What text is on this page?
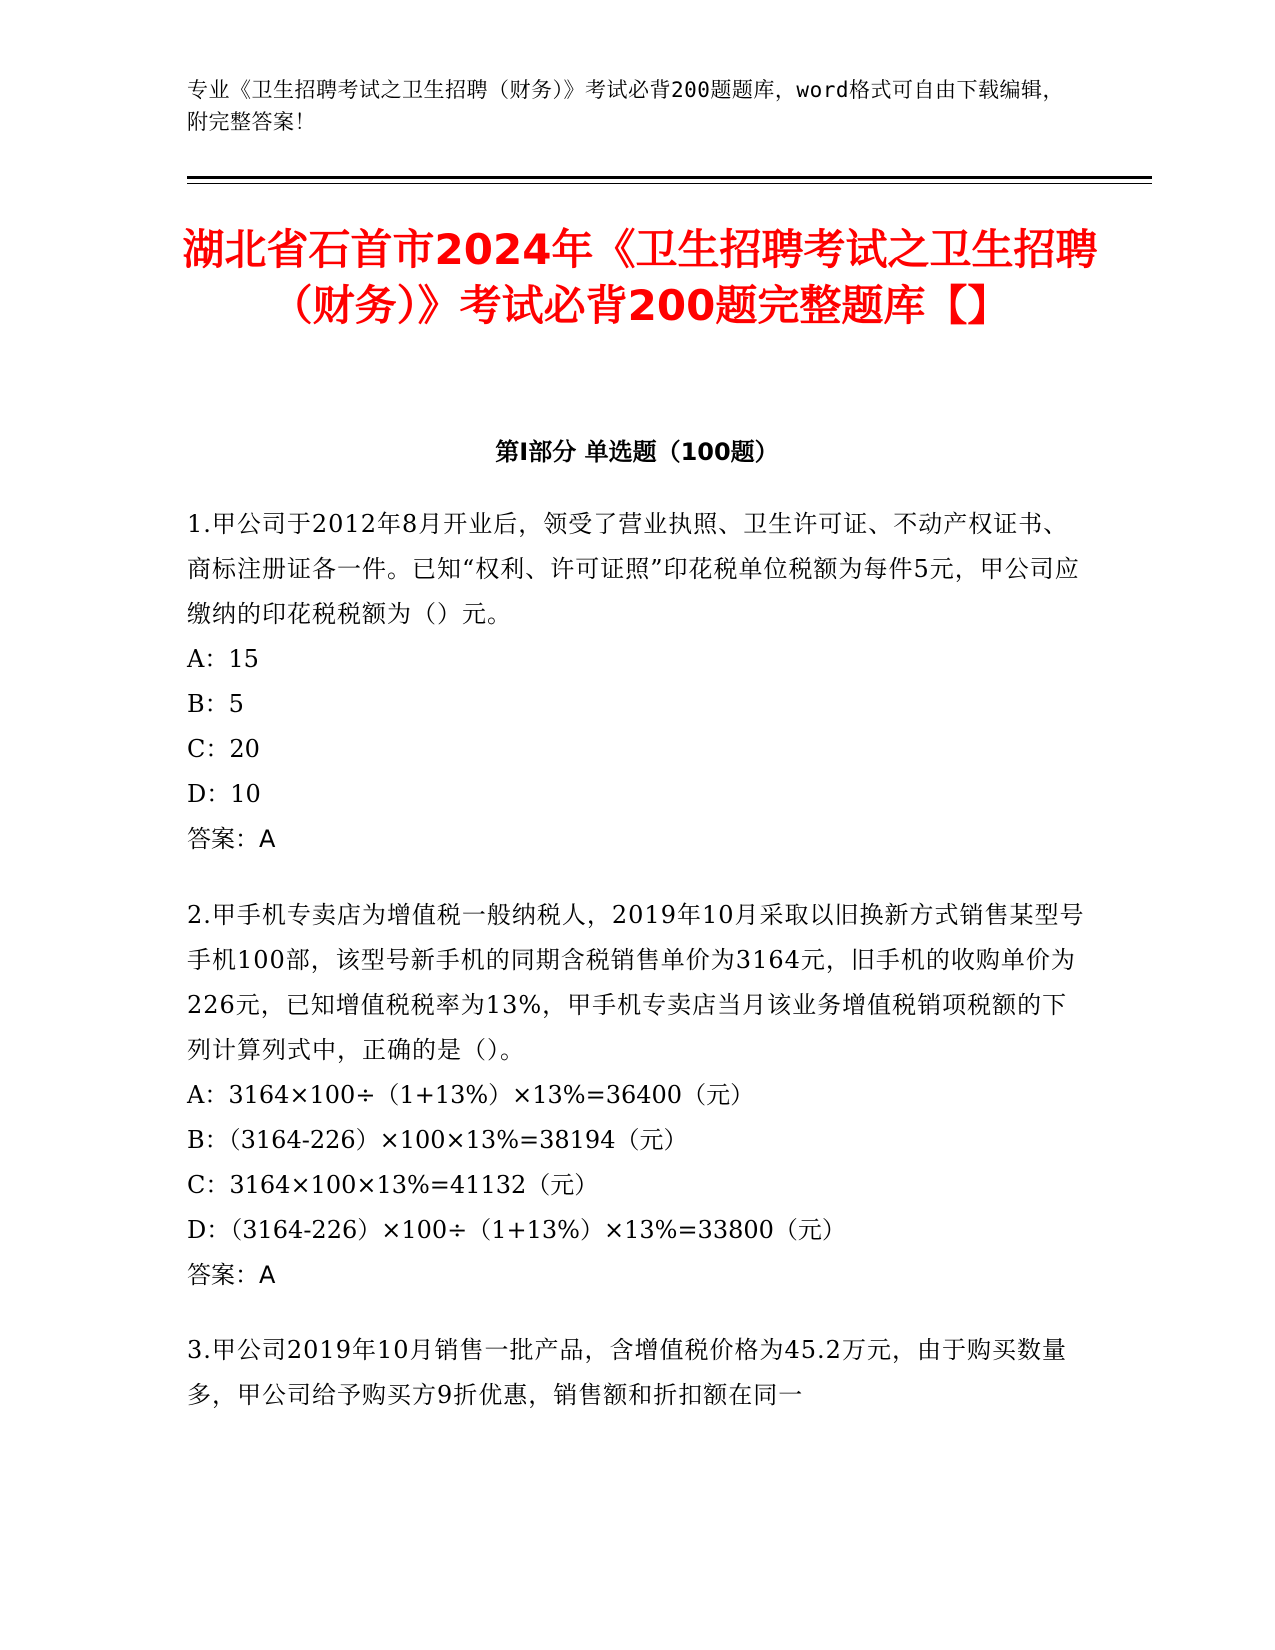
专业《卫生招聘考试之卫生招聘（财务）》考试必背200题题库，word格式可自由下载编辑，附完整答案！
湖北省石首市2024年《卫生招聘考试之卫生招聘（财务）》考试必背200题完整题库【】
第I部分 单选题（100题）

1.甲公司于2012年8月开业后，领受了营业执照、卫生许可证、不动产权证书、商标注册证各一件。已知“权利、许可证照”印花税单位税额为每件5元，甲公司应缴纳的印花税税额为（）元。

A：15

B：5

C：20

D：10

答案：A

2.甲手机专卖店为增值税一般纳税人，2019年10月采取以旧换新方式销售某型号手机100部，该型号新手机的同期含税销售单价为3164元，旧手机的收购单价为226元，已知增值税税率为13%，甲手机专卖店当月该业务增值税销项税额的下列计算列式中，正确的是（）。

A：3164×100÷（1+13%）×13%=36400（元）

B：（3164-226）×100×13%=38194（元）

C：3164×100×13%=41132（元）

D：（3164-226）×100÷（1+13%）×13%=33800（元）

答案：A

3.甲公司2019年10月销售一批产品，含增值税价格为45.2万元，由于购买数量多，甲公司给予购买方9折优惠，销售额和折扣额在同一
